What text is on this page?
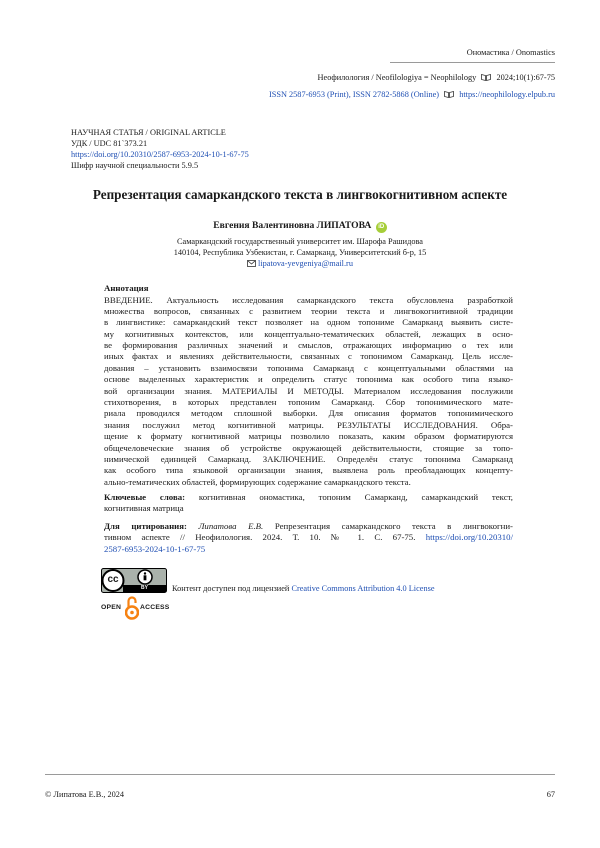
Ономастика / Onomastics
Неофилология / Neofilologiya = Neophilology 2024;10(1):67-75
ISSN 2587-6953 (Print), ISSN 2782-5868 (Online) https://neophilology.elpub.ru
НАУЧНАЯ СТАТЬЯ / ORIGINAL ARTICLE
УДК / UDC 81`373.21
https://doi.org/10.20310/2587-6953-2024-10-1-67-75
Шифр научной специальности 5.9.5
Репрезентация самаркандского текста в лингвокогнитивном аспекте
Евгения Валентиновна ЛИПАТОВА iD
Самаркандский государственный университет им. Шарофа Рашидова
140104, Республика Узбекистан, г. Самарканд, Университетский б-р, 15
lipatova-yevgeniya@mail.ru
Аннотация
ВВЕДЕНИЕ. Актуальность исследования самаркандского текста обусловлена разработкой
множества вопросов, связанных с развитием теории текста и лингвокогнитивной традиции
в лингвистике: самаркандский текст позволяет на одном топониме Самарканд выявить систе-
му когнитивных контекстов, или концептуально-тематических областей, лежащих в осно-
ве формирования различных значений и смыслов, отражающих информацию о тех или
иных фактах и явлениях действительности, связанных с топонимом Самарканд. Цель иссле-
дования – установить взаимосвязи топонима Самарканд с концептуальными областями на
основе выделенных характеристик и определить статус топонима как особого типа языко-
вой организации знания. МАТЕРИАЛЫ И МЕТОДЫ. Материалом исследования послужили
стихотворения, в которых представлен топоним Самарканд. Сбор топонимического мате-
риала проводился методом сплошной выборки. Для описания форматов топонимического
знания послужил метод когнитивной матрицы. РЕЗУЛЬТАТЫ ИССЛЕДОВАНИЯ. Обра-
щение к формату когнитивной матрицы позволило показать, каким образом форматируются
общечеловеческие знания об устройстве окружающей действительности, стоящие за топо-
нимической единицей Самарканд. ЗАКЛЮЧЕНИЕ. Определён статус топонима Самарканд
как особого типа языковой организации знания, выявлена роль преобладающих концепту-
ально-тематических областей, формирующих содержание самаркандского текста.
Ключевые слова: когнитивная ономастика, топоним Самарканд, самаркандский текст,
когнитивная матрица
Для цитирования: Липатова Е.В. Репрезентация самаркандского текста в лингвокогни-
тивном аспекте // Неофилология. 2024. Т. 10. № 1. С. 67-75. https://doi.org/10.20310/
2587-6953-2024-10-1-67-75
cc
BY	Контент доступен под лицензией Creative Commons Attribution 4.0 License
OPEN	ACCESS
© Липатова Е.В., 2024	67
